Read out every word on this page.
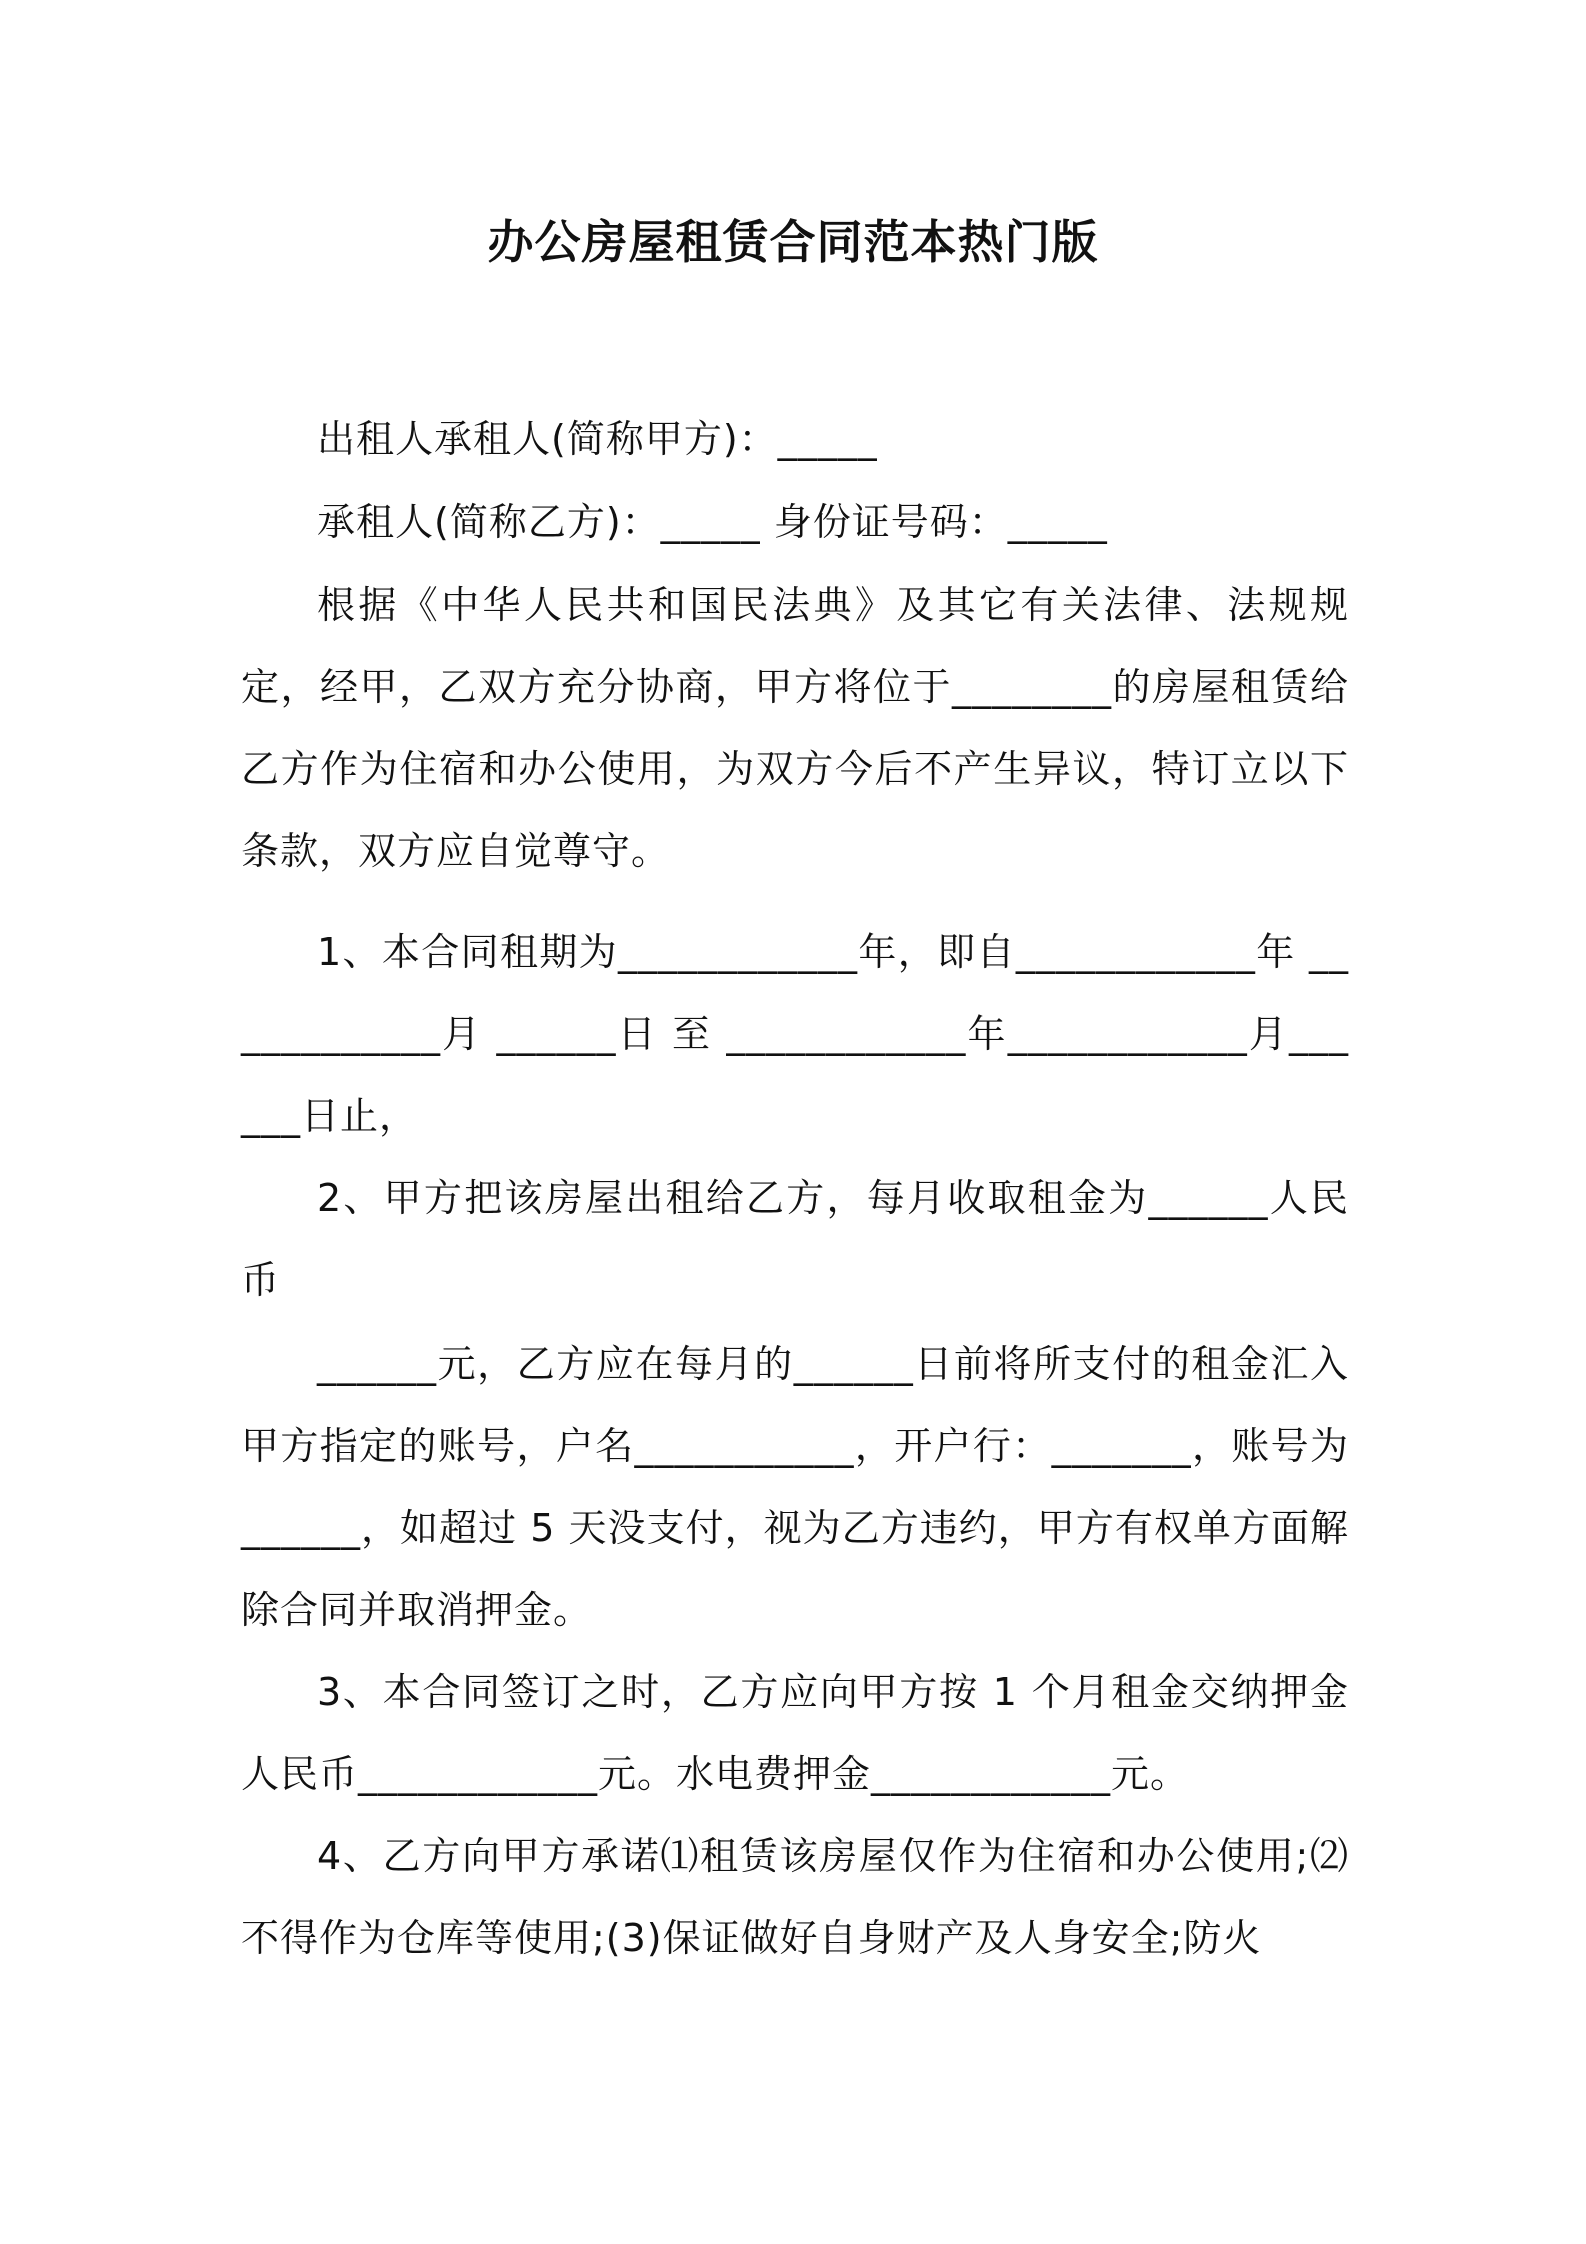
办公房屋租赁合同范本热门版
出租人承租人(简称甲方)：_____
承租人(简称乙方)：_____ 身份证号码：_____
根据《中华人民共和国民法典》及其它有关法律、法规规定，经甲，乙双方充分协商，甲方将位于________的房屋租赁给乙方作为住宿和办公使用，为双方今后不产生异议，特订立以下条款，双方应自觉尊守。
1、本合同租期为____________年，即自____________年 ____________月 ______日 至 ____________年____________月______日止，
2、甲方把该房屋出租给乙方，每月收取租金为______人民币
______元，乙方应在每月的______日前将所支付的租金汇入甲方指定的账号，户名___________，开户行：_______，账号为______，如超过 5 天没支付，视为乙方违约，甲方有权单方面解除合同并取消押金。
3、本合同签订之时，乙方应向甲方按 1 个月租金交纳押金人民币____________元。水电费押金____________元。
4、乙方向甲方承诺⑴租赁该房屋仅作为住宿和办公使用;⑵不得作为仓库等使用;(3)保证做好自身财产及人身安全;防火
